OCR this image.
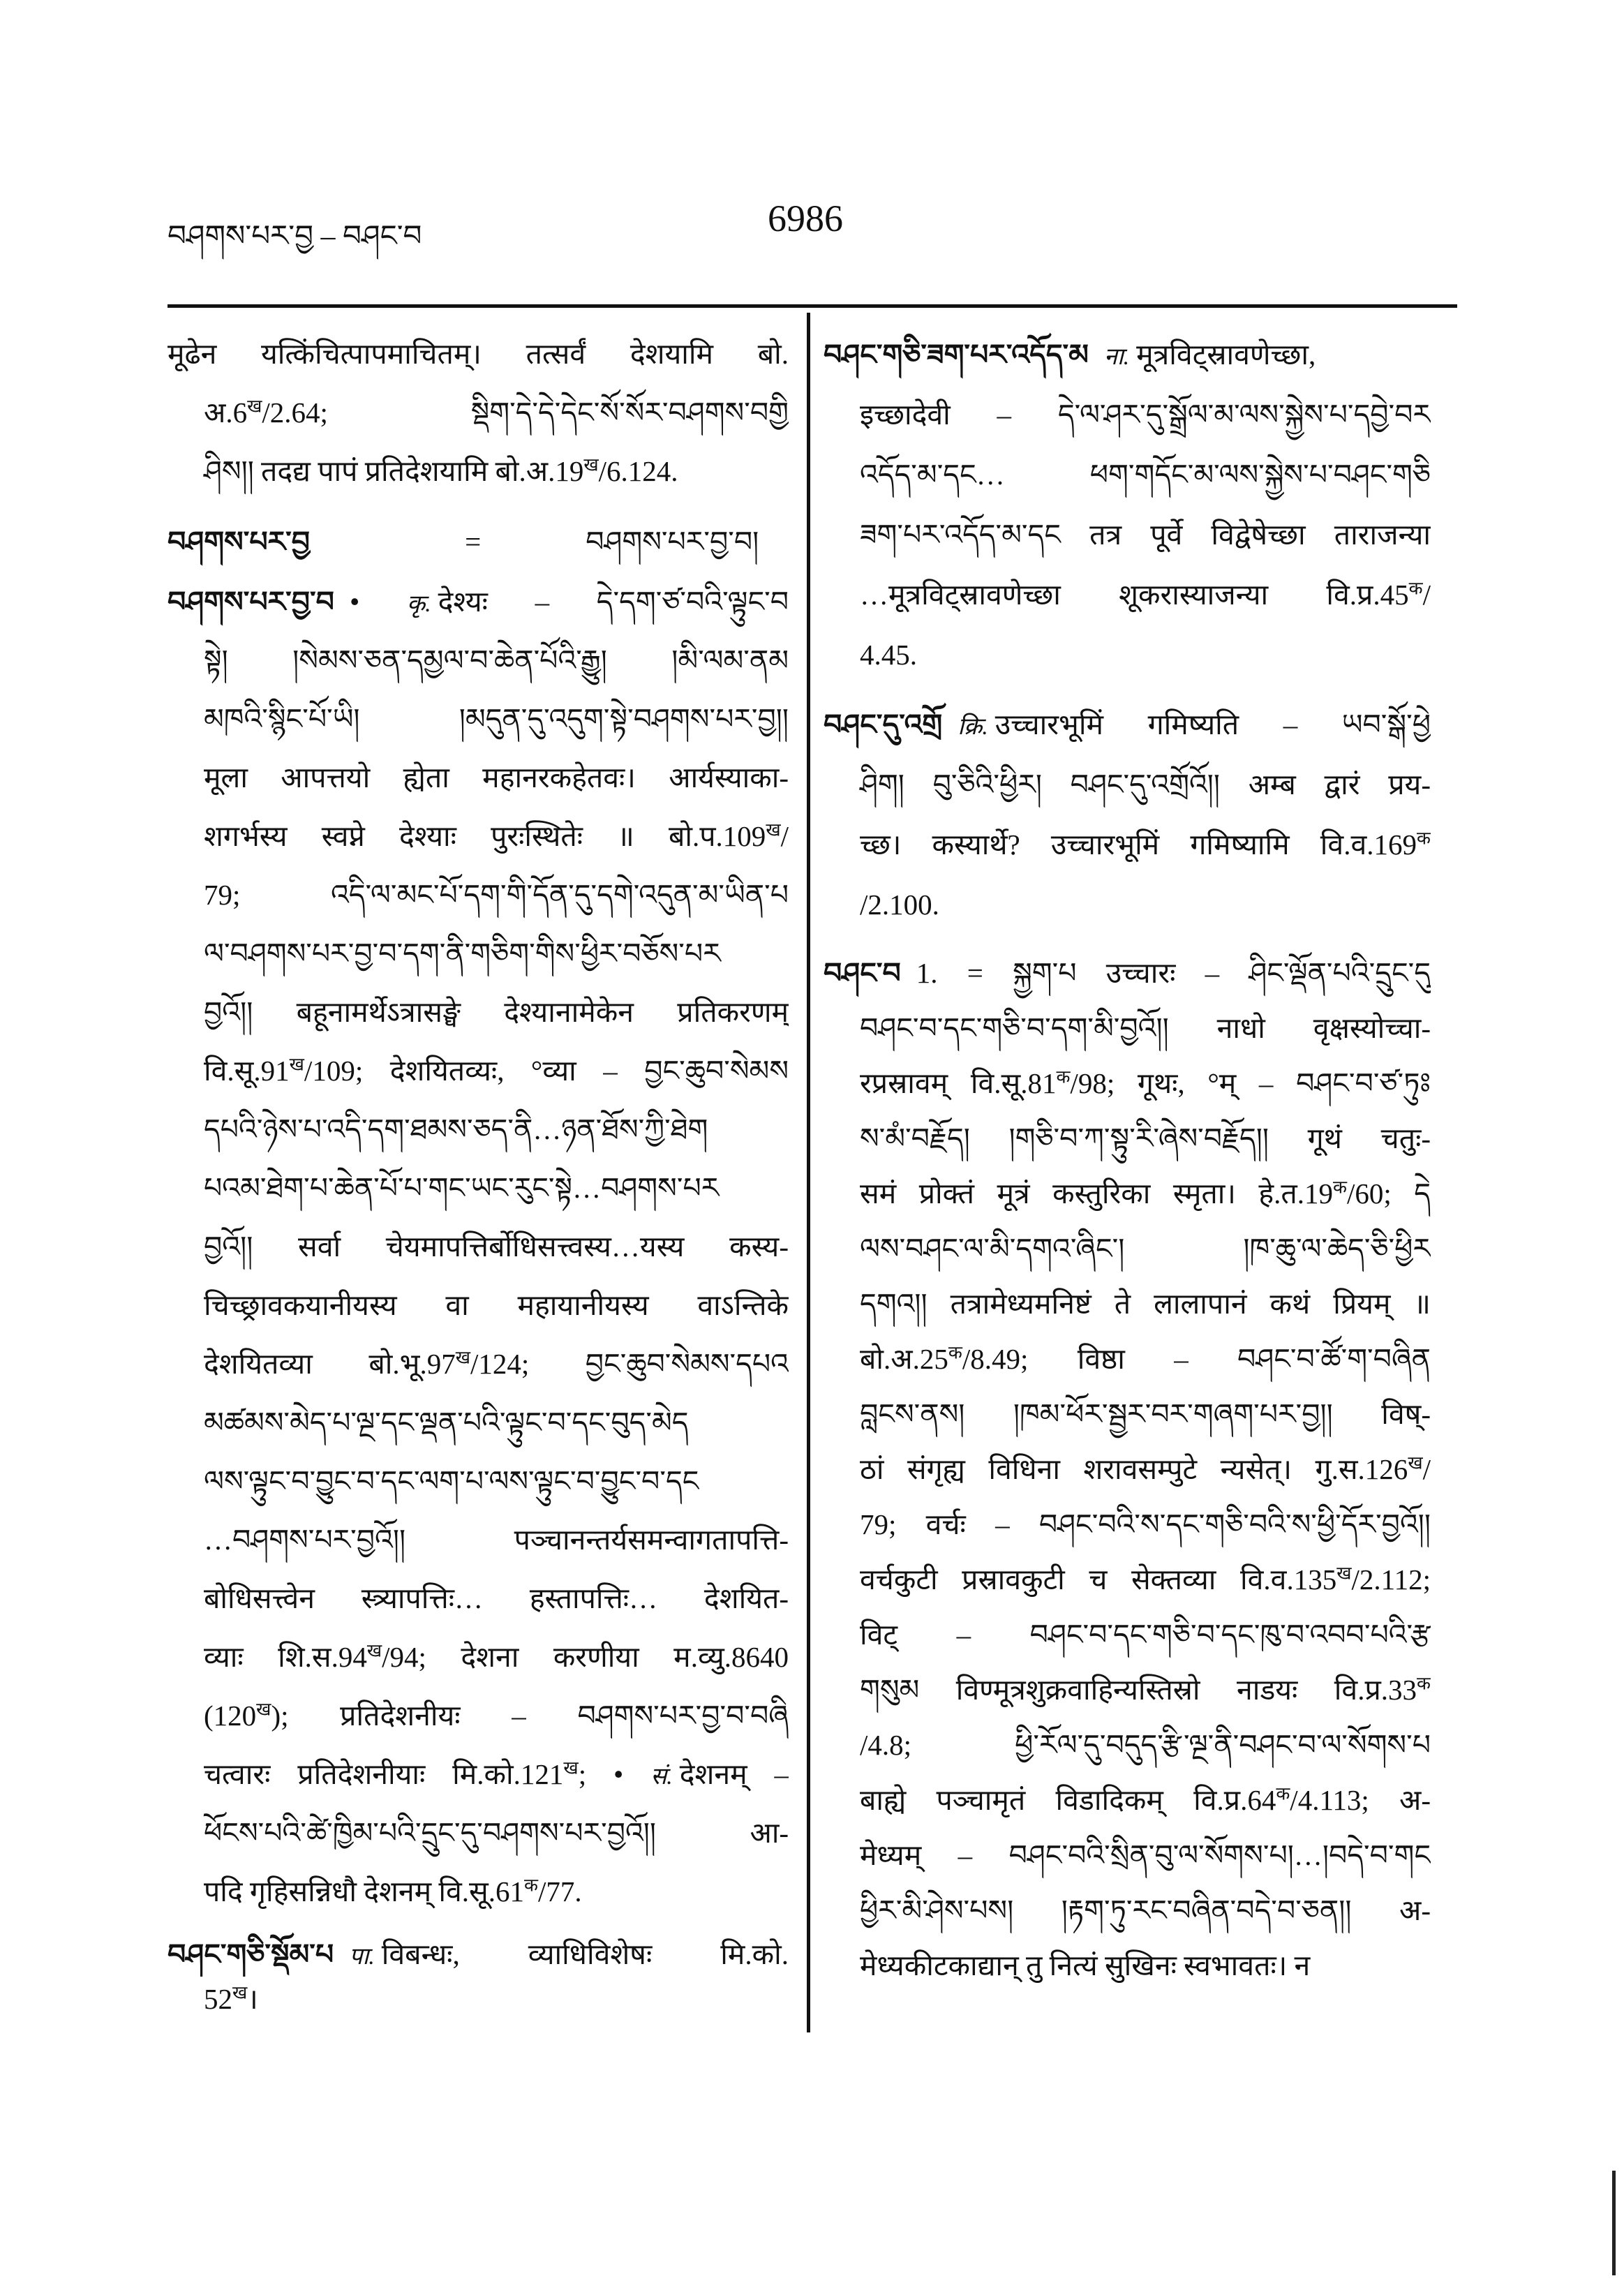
བཤགས་པར་བྱ – བཤང་བ	6986
मूढेन यत्किंचित्पापमाचितम्। तत्सर्वं देशयामि बो.
$अ.6^ख/2.64$; སྡིག་དེ་དེ་དེང་སོ་སོར་བཤགས་བགྱི
ཤིས།། तदद्य पापं प्रतिदेशयामि $बो.अ.19^ख/6.124$.
བཤགས་པར་བྱ	=	བཤགས་པར་བྱ་བ།
བཤགས་པར་བྱ་བ • कृ. देश्यः – དེ་དག་ཙ་བའི་ལྟུང་བ
སྟེ། །སེམས་ཅན་དམྱལ་བ་ཆེན་པོའི་རྒྱུ། །མི་ལམ་ནམ
མཁའི་སྙིང་པོ་ཡི། །མདུན་དུ་འདུག་སྟེ་བཤགས་པར་བྱ།།
मूला आपत्तयो ह्येता महानरकहेतवः। आर्यस्याका-
शगर्भस्य स्वप्ने देश्याः पुरःस्थितेः ॥ $बो.प.109^ख/$
79; འདི་ལ་མང་པོ་དག་གི་དོན་དུ་དགེ་འདུན་མ་ཡིན་པ
ལ་བཤགས་པར་བྱ་བ་དག་ནི་གཅིག་གིས་ཕྱིར་བཅོས་པར
བྱའོ།། बहूनामर्थेऽत्रासङ्घे देश्यानामेकेन प्रतिकरणम्
$वि.सू.91^ख/109$; देशयितव्यः, °व्या – བྱང་ཆུབ་སེམས
དཔའི་ཉེས་པ་འདི་དག་ཐམས་ཅད་ནི…ཉན་ཐོས་ཀྱི་ཐེག
པའམ་ཐེག་པ་ཆེན་པོ་པ་གང་ཡང་རུང་སྟེ…བཤགས་པར
བྱའོ།། सर्वा चेयमापत्तिर्बोधिसत्त्वस्य…यस्य कस्य-
चिच्छ्रावकयानीयस्य वा महायानीयस्य वाऽन्तिके
देशयितव्या $बो.भू.97^ख/124$; བྱང་ཆུབ་སེམས་དཔའ
མཚམས་མེད་པ་ལྔ་དང་ལྡན་པའི་ལྟུང་བ་དང་བུད་མེད
ལས་ལྟུང་བ་བྱུང་བ་དང་ལག་པ་ལས་ལྟུང་བ་བྱུང་བ་དང
…བཤགས་པར་བྱའོ།། पञ्चानन्तर्यसमन्वागतापत्ति-
बोधिसत्त्वेन स्त्र्यापत्तिः… हस्तापत्तिः… देशयित-
व्याः $शि.स.94^ख/94$; देशना करणीया म.व्यु.8640
$(120^ख)$; प्रतिदेशनीयः – བཤགས་པར་བྱ་བ་བཞི
चत्वारः प्रतिदेशनीयाः $मि.को.121^ख$; • सं. देशनम् –
ཕོངས་པའི་ཚེ་ཁྱིམ་པའི་དྲུང་དུ་བཤགས་པར་བྱའོ།། आ-
पदि गृहिसन्निधौ देशनम् $वि.सू.61^क/77$.
བཤང་གཅི་སྡོམ་པ पा. विबन्धः, व्याधिविशेषः मि.को.
$52^ख।$
བཤང་གཅི་ཟག་པར་འདོད་མ ना. मूत्रविट्स्रावणेच्छा,
इच्छादेवी – དེ་ལ་ཤར་དུ་སྒྲོལ་མ་ལས་སྐྱེས་པ་དབྱེ་བར
འདོད་མ་དང… ཕག་གདོང་མ་ལས་སྐྱེས་པ་བཤང་གཅི
ཟག་པར་འདོད་མ་དང तत्र पूर्वे विद्वेषेच्छा ताराजन्या
…मूत्रविट्स्रावणेच्छा शूकरास्याजन्या $वि.प्र.45^क/$
4.45.
བཤང་དུ་འགྲོ क्रि. उच्चारभूमिं गमिष्यति – ཡབ་སྒོ་ཕྱེ
ཤིག། བུ་ཅིའི་ཕྱིར། བཤང་དུ་འགྲོའོ།། अम्ब द्वारं प्रय-
च्छ। कस्यार्थे? उच्चारभूमिं गमिष्यामि $वि.व.169^क$
/2.100.
བཤང་བ 1. = སྐྱག་པ उच्चारः – ཤིང་ལྡོན་པའི་དྲུང་དུ
བཤང་བ་དང་གཅི་བ་དག་མི་བྱའོ།། नाधो वृक्षस्योच्चा-
रप्रस्रावम् $वि.सू.81^क/98$; गूथः, °म् – བཤང་བ་ཙ་ཏུཿ
ས་མཾ་བརྗོད། །གཅི་བ་ཀ་སྟུ་རི་ཞེས་བརྗོད།། गूथं चतुः-
समं प्रोक्तं मूत्रं कस्तुरिका स्मृता। $हे.त.19^क/60$; དེ
ལས་བཤང་ལ་མི་དགའ་ཞིང་། །ཁ་ཆུ་ལ་ཆེད་ཅི་ཕྱིར
དགའ།། तत्रामेध्यमनिष्टं ते लालापानं कथं प्रियम् ॥
$बो.अ.25^क/8.49$; विष्ठा – བཤང་བ་ཚོ་ག་བཞིན
བླངས་ནས། །ཁམ་ཕོར་སྦྱར་བར་གཞག་པར་བྱ།། विष्-
ठां संगृह्य विधिना शरावसम्पुटे न्यसेत्। $गु.स.126^ख/$
79; वर्चः – བཤང་བའི་ས་དང་གཅི་བའི་ས་ཕྱི་དོར་བྱའོ།།
वर्चकुटी प्रस्रावकुटी च सेक्तव्या $वि.व.135^ख/2.112$;
विट् – བཤང་བ་དང་གཅི་བ་དང་ཁུ་བ་འབབ་པའི་རྩ
གསུམ विण्मूत्रशुक्रवाहिन्यस्तिस्रो नाडयः $वि.प्र.33^क$
/4.8; ཕྱི་རོལ་དུ་བདུད་རྩི་ལྔ་ནི་བཤང་བ་ལ་སོགས་པ
बाह्ये पञ्चामृतं विडादिकम् $वि.प्र.64^क/4.113$; अ-
मेध्यम् – བཤང་བའི་སྲིན་བུ་ལ་སོགས་པ།…།བདེ་བ་གང
ཕྱིར་མི་ཤེས་པས། །རྟག་ཏུ་རང་བཞིན་བདེ་བ་ཅན།། अ-
मेध्यकीटकाद्यान् तु नित्यं सुखिनः स्वभावतः। न
